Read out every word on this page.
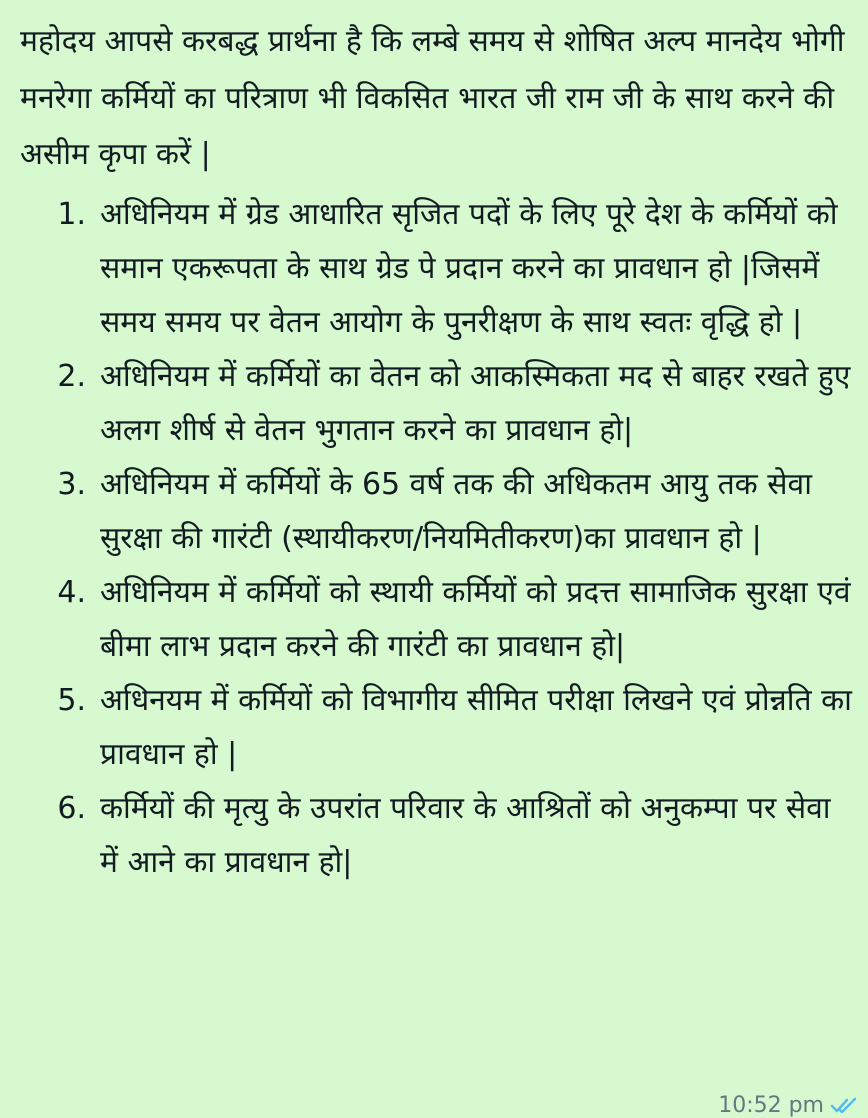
महोदय आपसे करबद्ध प्रार्थना है कि लम्बे समय से शोषित अल्प मानदेय भोगी मनरेगा कर्मियों का परित्राण भी विकसित भारत जी राम जी के साथ करने की असीम कृपा करें |

1. अधिनियम में ग्रेड आधारित सृजित पदों के लिए पूरे देश के कर्मियों को समान एकरूपता के साथ ग्रेड पे प्रदान करने का प्रावधान हो |जिसमें समय समय पर वेतन आयोग के पुनरीक्षण के साथ स्वतः वृद्धि हो |
2. अधिनियम में कर्मियों का वेतन को आकस्मिकता मद से बाहर रखते हुए अलग शीर्ष से वेतन भुगतान करने का प्रावधान हो|
3. अधिनियम में कर्मियों के 65 वर्ष तक की अधिकतम आयु तक सेवा सुरक्षा की गारंटी (स्थायीकरण/नियमितीकरण)का प्रावधान हो |
4. अधिनियम में कर्मियों को स्थायी कर्मियों को प्रदत्त सामाजिक सुरक्षा एवं बीमा लाभ प्रदान करने की गारंटी का प्रावधान हो|
5. अधिनयम में कर्मियों को विभागीय सीमित परीक्षा लिखने एवं प्रोन्नति का प्रावधान हो |
6. कर्मियों की मृत्यु के उपरांत परिवार के आश्रितों को अनुकम्पा पर सेवा में आने का प्रावधान हो|
10:52 pm
